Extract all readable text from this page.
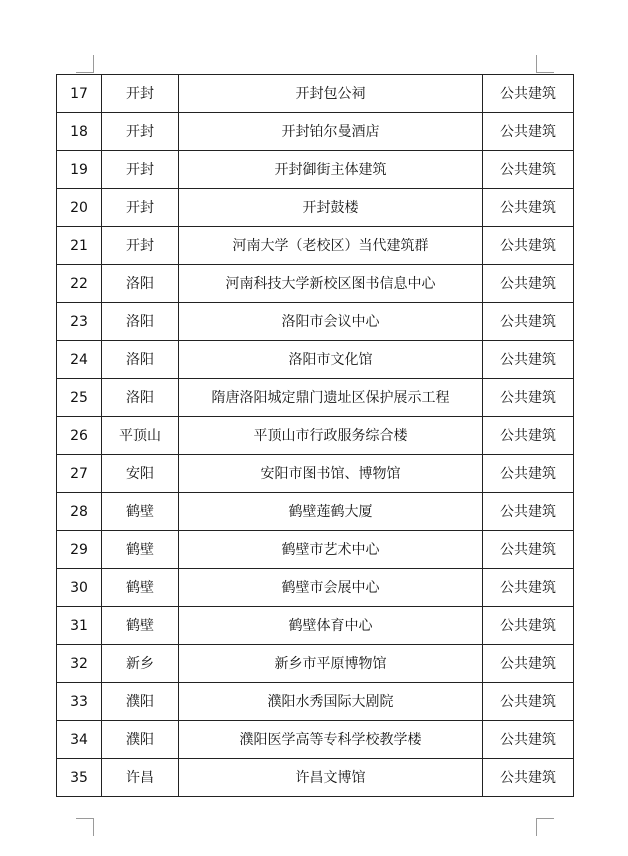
17	开封	开封包公祠	公共建筑
18	开封	开封铂尔曼酒店	公共建筑
19	开封	开封御街主体建筑	公共建筑
20	开封	开封鼓楼	公共建筑
21	开封	河南大学（老校区）当代建筑群	公共建筑
22	洛阳	河南科技大学新校区图书信息中心	公共建筑
23	洛阳	洛阳市会议中心	公共建筑
24	洛阳	洛阳市文化馆	公共建筑
25	洛阳	隋唐洛阳城定鼎门遗址区保护展示工程	公共建筑
26	平顶山	平顶山市行政服务综合楼	公共建筑
27	安阳	安阳市图书馆、博物馆	公共建筑
28	鹤壁	鹤壁莲鹤大厦	公共建筑
29	鹤壁	鹤壁市艺术中心	公共建筑
30	鹤壁	鹤壁市会展中心	公共建筑
31	鹤壁	鹤壁体育中心	公共建筑
32	新乡	新乡市平原博物馆	公共建筑
33	濮阳	濮阳水秀国际大剧院	公共建筑
34	濮阳	濮阳医学高等专科学校教学楼	公共建筑
35	许昌	许昌文博馆	公共建筑
